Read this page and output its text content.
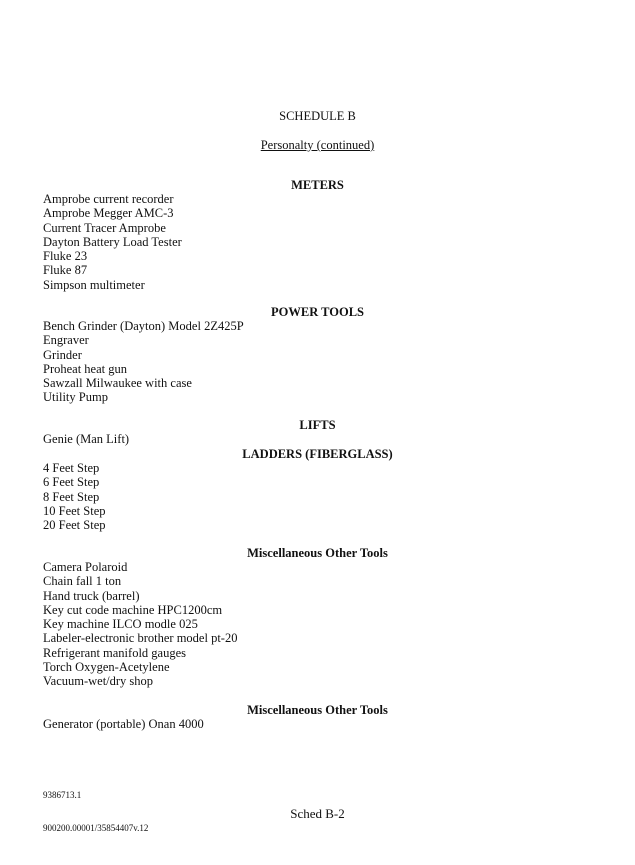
SCHEDULE B
Personalty (continued)
METERS
Amprobe current recorder
Amprobe Megger AMC-3
Current Tracer Amprobe
Dayton Battery Load Tester
Fluke 23
Fluke 87
Simpson multimeter
POWER TOOLS
Bench Grinder (Dayton) Model 2Z425P
Engraver
Grinder
Proheat heat gun
Sawzall Milwaukee with case
Utility Pump
LIFTS
Genie (Man Lift)
LADDERS (FIBERGLASS)
4 Feet Step
6 Feet Step
8 Feet Step
10 Feet Step
20 Feet Step
Miscellaneous Other Tools
Camera Polaroid
Chain fall 1 ton
Hand truck (barrel)
Key cut code machine HPC1200cm
Key machine ILCO modle 025
Labeler-electronic brother model pt-20
Refrigerant manifold gauges
Torch Oxygen-Acetylene
Vacuum-wet/dry shop
Miscellaneous Other Tools
Generator (portable) Onan 4000
9386713.1
Sched B-2
900200.00001/35854407v.12
